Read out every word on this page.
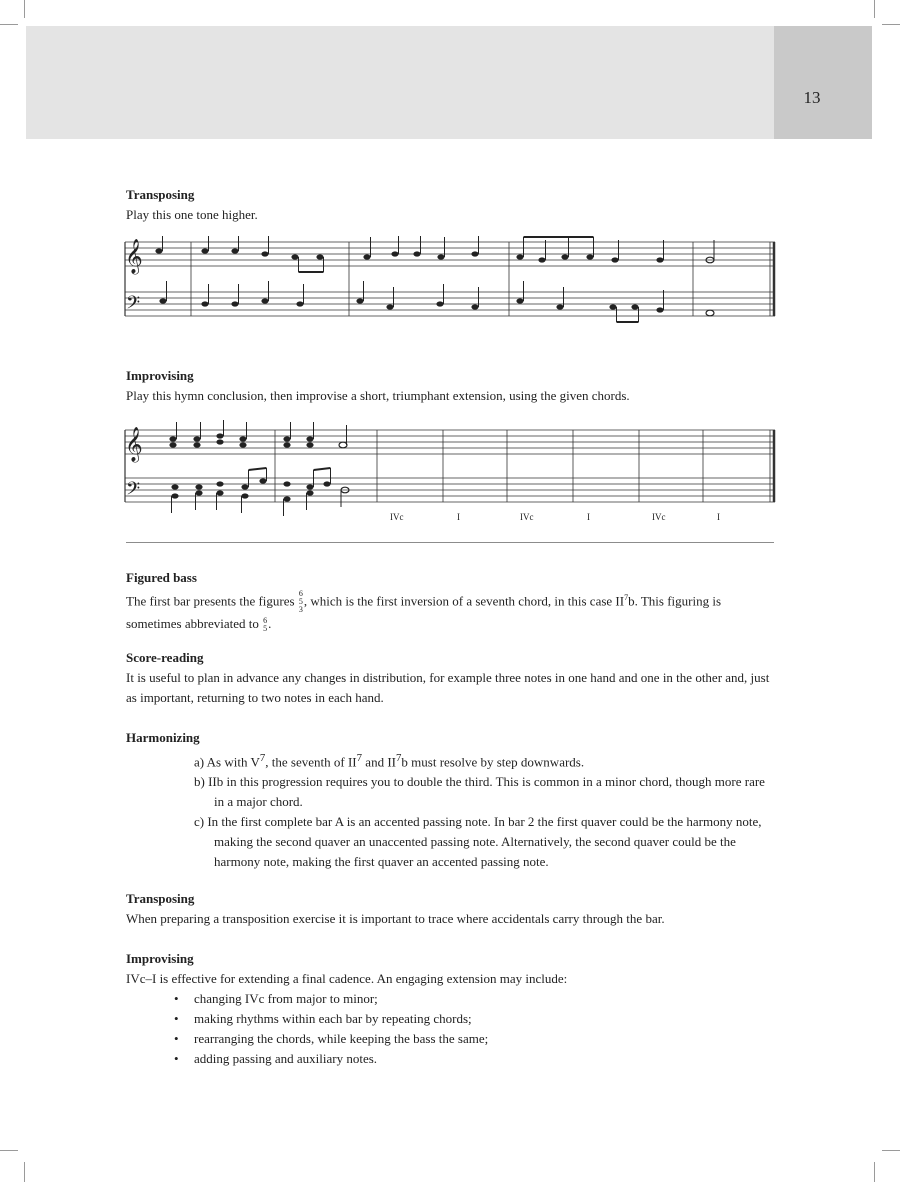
13

Transposing

Play this one tone higher.

𝄞
𝄢

Improvising

Play this hymn conclusion, then improvise a short, triumphant extension, using the given chords.

𝄞
𝄢
IVc	I	IVc	I	IVc	I

Figured bass

The first bar presents the figures 6
5
3
, which is the first inversion of a seventh chord, in this case $II^7b$. This figuring is sometimes abbreviated to 6
5 .

Score-reading

It is useful to plan in advance any changes in distribution, for example three notes in one hand and one in the other and, just as important, returning to two notes in each hand.

Harmonizing

a) As with $V^7$, the seventh of $II^7$ and $II^7b$ must resolve by step downwards.
b) IIb in this progression requires you to double the third. This is common in a minor chord, though more rare in a major chord.
c) In the first complete bar A is an accented passing note. In bar 2 the first quaver could be the harmony note, making the second quaver an unaccented passing note. Alternatively, the second quaver could be the harmony note, making the first quaver an accented passing note.

Transposing

When preparing a transposition exercise it is important to trace where accidentals carry through the bar.

Improvising

IVc–I is effective for extending a final cadence. An engaging extension may include:

• changing IVc from major to minor;
• making rhythms within each bar by repeating chords;
• rearranging the chords, while keeping the bass the same;
• adding passing and auxiliary notes.
